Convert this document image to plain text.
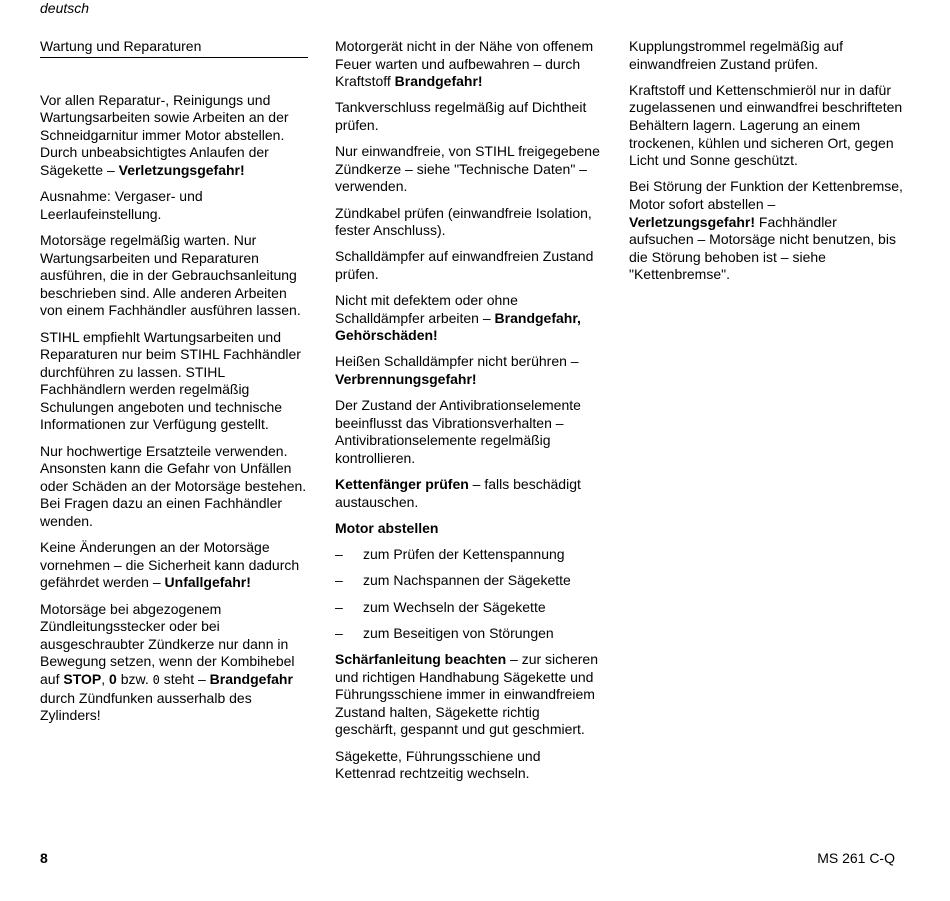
deutsch
Wartung und Reparaturen

Vor allen Reparatur-, Reinigungs und Wartungsarbeiten sowie Arbeiten an der Schneidgarnitur immer Motor abstellen. Durch unbeabsichtigtes Anlaufen der Sägekette – Verletzungsgefahr!

Ausnahme: Vergaser- und Leerlaufeinstellung.

Motorsäge regelmäßig warten. Nur Wartungsarbeiten und Reparaturen ausführen, die in der Gebrauchsanleitung beschrieben sind. Alle anderen Arbeiten von einem Fachhändler ausführen lassen.

STIHL empfiehlt Wartungsarbeiten und Reparaturen nur beim STIHL Fachhändler durchführen zu lassen. STIHL Fachhändlern werden regelmäßig Schulungen angeboten und technische Informationen zur Verfügung gestellt.

Nur hochwertige Ersatzteile verwenden. Ansonsten kann die Gefahr von Unfällen oder Schäden an der Motorsäge bestehen. Bei Fragen dazu an einen Fachhändler wenden.

Keine Änderungen an der Motorsäge vornehmen – die Sicherheit kann dadurch gefährdet werden – Unfallgefahr!

Motorsäge bei abgezogenem Zündleitungsstecker oder bei ausgeschraubter Zündkerze nur dann in Bewegung setzen, wenn der Kombihebel auf STOP, 0 bzw. 0 steht – Brandgefahr durch Zündfunken ausserhalb des Zylinders!

Motorgerät nicht in der Nähe von offenem Feuer warten und aufbewahren – durch Kraftstoff Brandgefahr!

Tankverschluss regelmäßig auf Dichtheit prüfen.

Nur einwandfreie, von STIHL freigegebene Zündkerze – siehe "Technische Daten" – verwenden.

Zündkabel prüfen (einwandfreie Isolation, fester Anschluss).

Schalldämpfer auf einwandfreien Zustand prüfen.

Nicht mit defektem oder ohne Schalldämpfer arbeiten – Brandgefahr, Gehörschäden!

Heißen Schalldämpfer nicht berühren – Verbrennungsgefahr!

Der Zustand der Antivibrationselemente beeinflusst das Vibrationsverhalten – Antivibrationselemente regelmäßig kontrollieren.

Kettenfänger prüfen – falls beschädigt austauschen.

Motor abstellen

–	zum Prüfen der Kettenspannung
–	zum Nachspannen der Sägekette
–	zum Wechseln der Sägekette
–	zum Beseitigen von Störungen

Schärfanleitung beachten – zur sicheren und richtigen Handhabung Sägekette und Führungsschiene immer in einwandfreiem Zustand halten, Sägekette richtig geschärft, gespannt und gut geschmiert.

Sägekette, Führungsschiene und Kettenrad rechtzeitig wechseln.

Kupplungstrommel regelmäßig auf einwandfreien Zustand prüfen.

Kraftstoff und Kettenschmieröl nur in dafür zugelassenen und einwandfrei beschrifteten Behältern lagern. Lagerung an einem trockenen, kühlen und sicheren Ort, gegen Licht und Sonne geschützt.

Bei Störung der Funktion der Kettenbremse, Motor sofort abstellen – Verletzungsgefahr! Fachhändler aufsuchen – Motorsäge nicht benutzen, bis die Störung behoben ist – siehe "Kettenbremse".

8	MS 261 C-Q
